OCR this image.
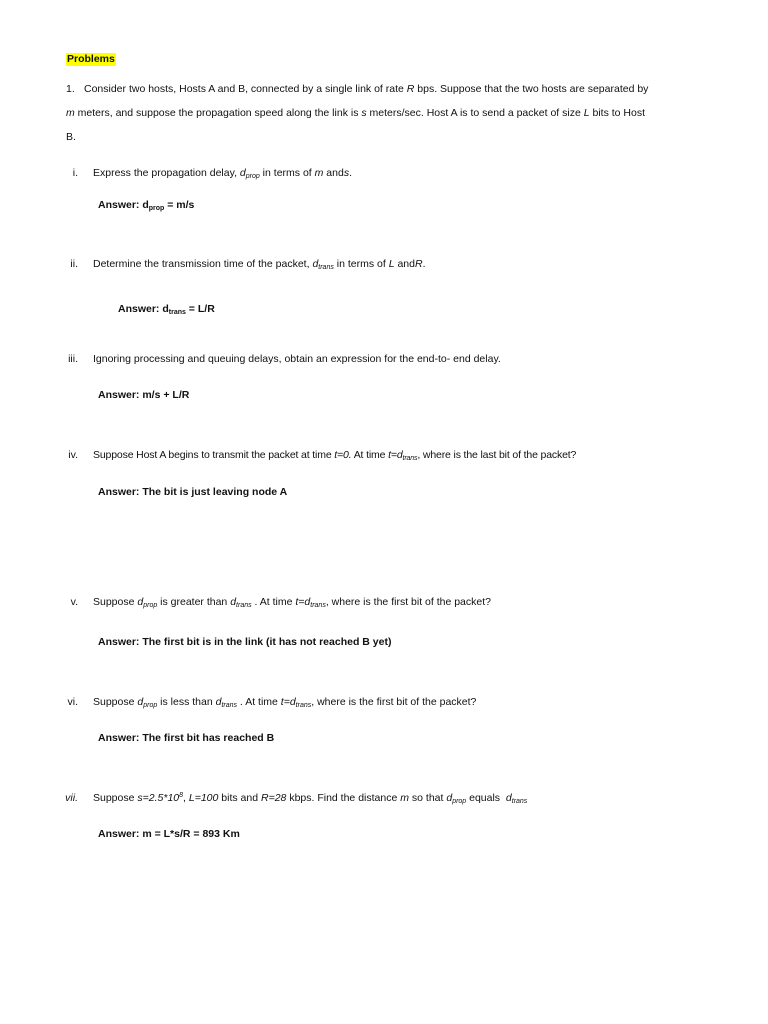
Problems
1. Consider two hosts, Hosts A and B, connected by a single link of rate R bps. Suppose that the two hosts are separated by
m meters, and suppose the propagation speed along the link is s meters/sec. Host A is to send a packet of size L bits to Host
B.
i. Express the propagation delay, $d_{prop}$ in terms of m ands.
Answer: $d_{prop} = m/s$
ii. Determine the transmission time of the packet, $d_{trans}$ in terms of L andR.
Answer: $d_{trans} = L/R$
iii. Ignoring processing and queuing delays, obtain an expression for the end-to- end delay.
Answer: m/s + L/R
iv. Suppose Host A begins to transmit the packet at time t=0. At time $t=d_{trans}$, where is the last bit of the packet?
Answer: The bit is just leaving node A
v. Suppose $d_{prop}$ is greater than $d_{trans}$ . At time $t=d_{trans}$, where is the first bit of the packet?
Answer: The first bit is in the link (it has not reached B yet)
vi. Suppose $d_{prop}$ is less than $d_{trans}$ . At time $t=d_{trans}$, where is the first bit of the packet?
Answer: The first bit has reached B
vii. Suppose $s=2.5*10^8$, L=100 bits and R=28 kbps. Find the distance m so that $d_{prop}$ equals  $d_{trans}$
Answer: m = L*s/R = 893 Km
